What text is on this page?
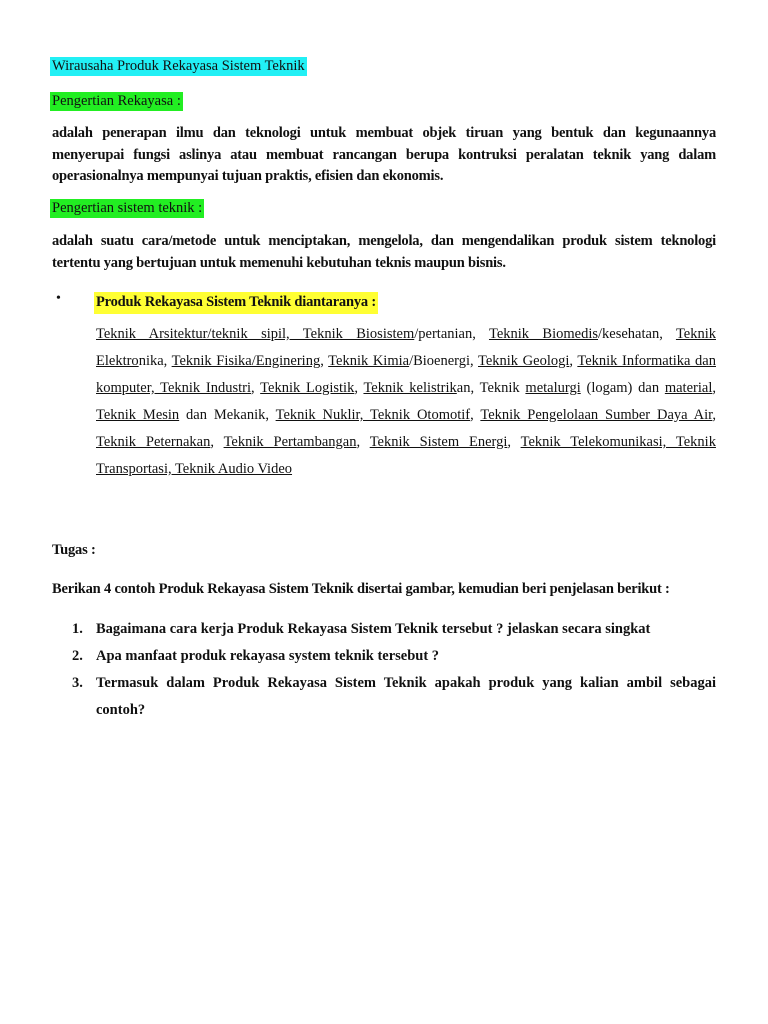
Wirausaha Produk Rekayasa Sistem Teknik
Pengertian Rekayasa :

adalah penerapan ilmu dan teknologi untuk membuat objek tiruan yang bentuk dan kegunaannya menyerupai fungsi aslinya atau membuat rancangan berupa kontruksi peralatan teknik yang dalam operasionalnya mempunyai tujuan praktis, efisien dan ekonomis.

Pengertian sistem teknik :

adalah suatu cara/metode untuk menciptakan, mengelola, dan mengendalikan produk sistem teknologi tertentu yang bertujuan untuk memenuhi kebutuhan teknis maupun bisnis.

• Produk Rekayasa Sistem Teknik diantaranya :
Teknik Arsitektur/teknik sipil, Teknik Biosistem/pertanian, Teknik Biomedis/kesehatan, Teknik Elektronika, Teknik Fisika/Enginering, Teknik Kimia/Bioenergi, Teknik Geologi, Teknik Informatika dan komputer, Teknik Industri, Teknik Logistik, Teknik kelistrikan, Teknik metalurgi (logam) dan material, Teknik Mesin dan Mekanik, Teknik Nuklir, Teknik Otomotif, Teknik Pengelolaan Sumber Daya Air, Teknik Peternakan, Teknik Pertambangan, Teknik Sistem Energi, Teknik Telekomunikasi, Teknik Transportasi, Teknik Audio Video
Tugas :
Berikan 4 contoh Produk Rekayasa Sistem Teknik disertai gambar, kemudian beri penjelasan berikut :
1. Bagaimana cara kerja Produk Rekayasa Sistem Teknik tersebut ? jelaskan secara singkat
2. Apa manfaat produk rekayasa system teknik tersebut ?
3. Termasuk dalam Produk Rekayasa Sistem Teknik apakah produk yang kalian ambil sebagai contoh?
